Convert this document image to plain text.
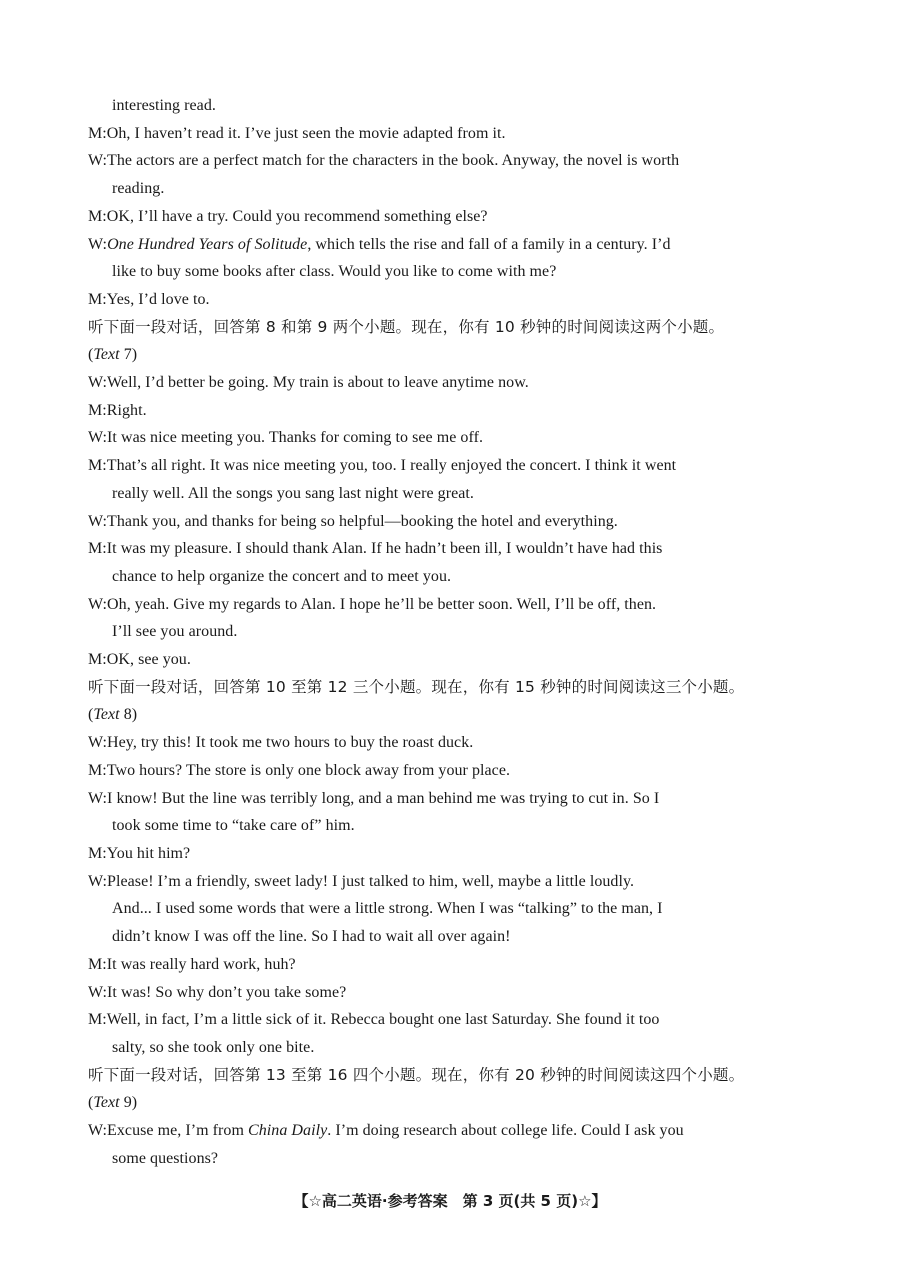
interesting read.
M:Oh, I haven’t read it. I’ve just seen the movie adapted from it.
W:The actors are a perfect match for the characters in the book. Anyway, the novel is worth
reading.
M:OK, I’ll have a try. Could you recommend something else?
W:One Hundred Years of Solitude, which tells the rise and fall of a family in a century. I’d
like to buy some books after class. Would you like to come with me?
M:Yes, I’d love to.
听下面一段对话，回答第 8 和第 9 两个小题。现在，你有 10 秒钟的时间阅读这两个小题。
(Text 7)
W:Well, I’d better be going. My train is about to leave anytime now.
M:Right.
W:It was nice meeting you. Thanks for coming to see me off.
M:That’s all right. It was nice meeting you, too. I really enjoyed the concert. I think it went
really well. All the songs you sang last night were great.
W:Thank you, and thanks for being so helpful—booking the hotel and everything.
M:It was my pleasure. I should thank Alan. If he hadn’t been ill, I wouldn’t have had this
chance to help organize the concert and to meet you.
W:Oh, yeah. Give my regards to Alan. I hope he’ll be better soon. Well, I’ll be off, then.
I’ll see you around.
M:OK, see you.
听下面一段对话，回答第 10 至第 12 三个小题。现在，你有 15 秒钟的时间阅读这三个小题。
(Text 8)
W:Hey, try this! It took me two hours to buy the roast duck.
M:Two hours? The store is only one block away from your place.
W:I know! But the line was terribly long, and a man behind me was trying to cut in. So I
took some time to “take care of” him.
M:You hit him?
W:Please! I’m a friendly, sweet lady! I just talked to him, well, maybe a little loudly.
And... I used some words that were a little strong. When I was “talking” to the man, I
didn’t know I was off the line. So I had to wait all over again!
M:It was really hard work, huh?
W:It was! So why don’t you take some?
M:Well, in fact, I’m a little sick of it. Rebecca bought one last Saturday. She found it too
salty, so she took only one bite.
听下面一段对话，回答第 13 至第 16 四个小题。现在，你有 20 秒钟的时间阅读这四个小题。
(Text 9)
W:Excuse me, I’m from China Daily. I’m doing research about college life. Could I ask you
some questions?
【☆高二英语·参考答案　第 3 页(共 5 页)☆】
